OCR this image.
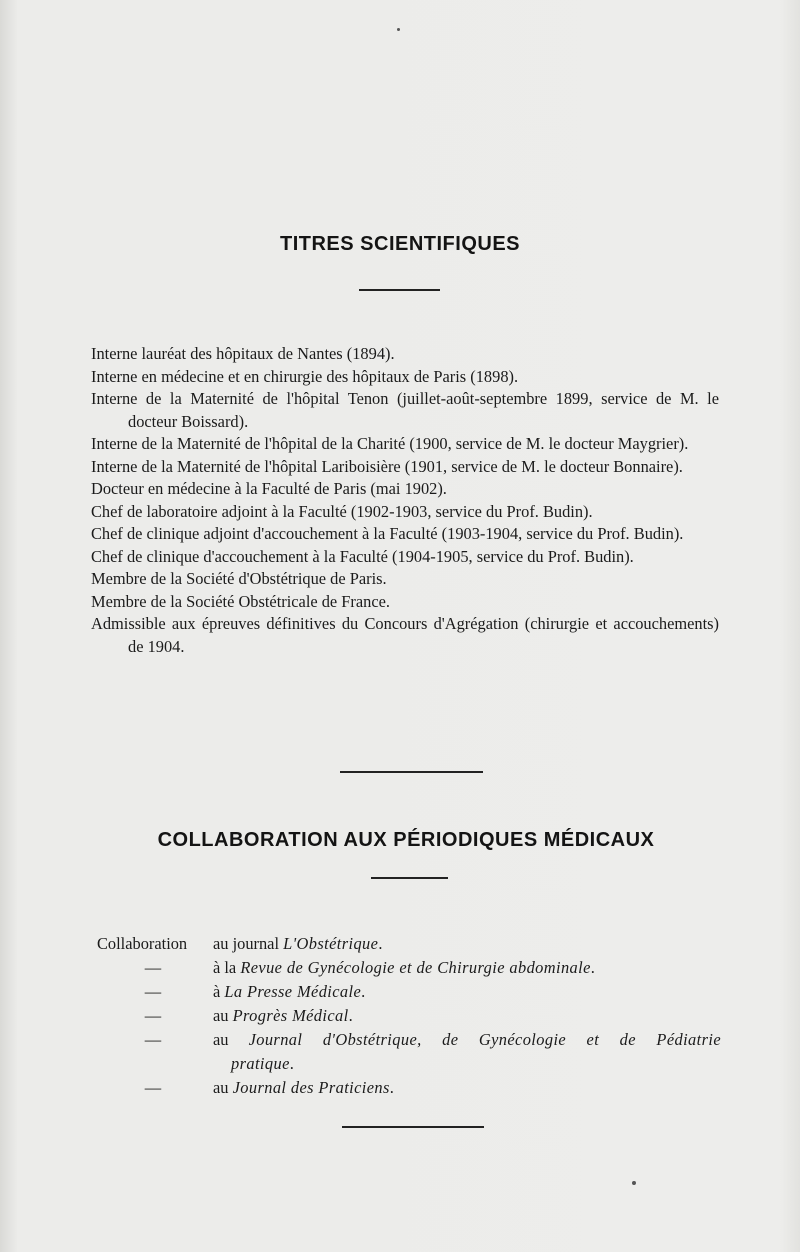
TITRES SCIENTIFIQUES

Interne lauréat des hôpitaux de Nantes (1894).

Interne en médecine et en chirurgie des hôpitaux de Paris (1898).

Interne de la Maternité de l'hôpital Tenon (juillet-août-septembre 1899, service de M. le docteur Boissard).

Interne de la Maternité de l'hôpital de la Charité (1900, service de M. le docteur Maygrier).

Interne de la Maternité de l'hôpital Lariboisière (1901, service de M. le docteur Bonnaire).

Docteur en médecine à la Faculté de Paris (mai 1902).

Chef de laboratoire adjoint à la Faculté (1902-1903, service du Prof. Budin).

Chef de clinique adjoint d'accouchement à la Faculté (1903-1904, service du Prof. Budin).

Chef de clinique d'accouchement à la Faculté (1904-1905, service du Prof. Budin).

Membre de la Société d'Obstétrique de Paris.

Membre de la Société Obstétricale de France.

Admissible aux épreuves définitives du Concours d'Agrégation (chirurgie et accouchements) de 1904.

COLLABORATION AUX PÉRIODIQUES MÉDICAUX
Collaboration	au journal L'Obstétrique.
—	à la Revue de Gynécologie et de Chirurgie abdominale.
—	à La Presse Médicale.
—	au Progrès Médical.
—	au Journal d'Obstétrique, de Gynécologie et de Pédiatrie
pratique.
—	au Journal des Praticiens.
